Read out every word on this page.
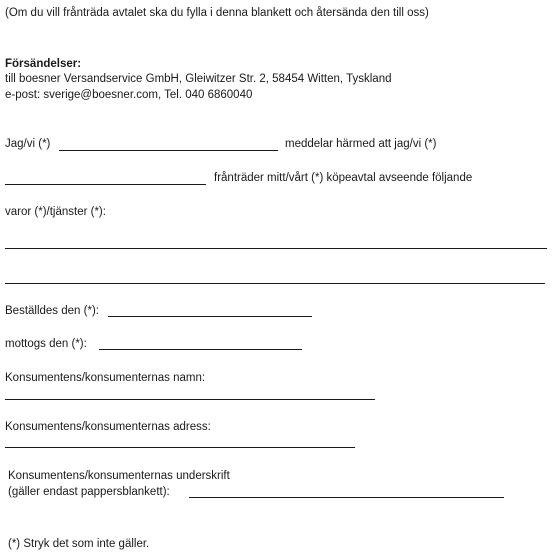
(Om du vill frånträda avtalet ska du fylla i denna blankett och återsända den till oss)
Försändelser:
till boesner Versandservice GmbH, Gleiwitzer Str. 2, 58454 Witten, Tyskland
e-post: sverige@boesner.com, Tel. 040 6860040
Jag/vi (*)	meddelar härmed att jag/vi (*)
frånträder mitt/vårt (*) köpeavtal avseende följande
varor (*)/tjänster (*):
Beställdes den (*):
mottogs den (*):
Konsumentens/konsumenternas namn:
Konsumentens/konsumenternas adress:
Konsumentens/konsumenternas underskrift
(gäller endast pappersblankett):
(*) Stryk det som inte gäller.
